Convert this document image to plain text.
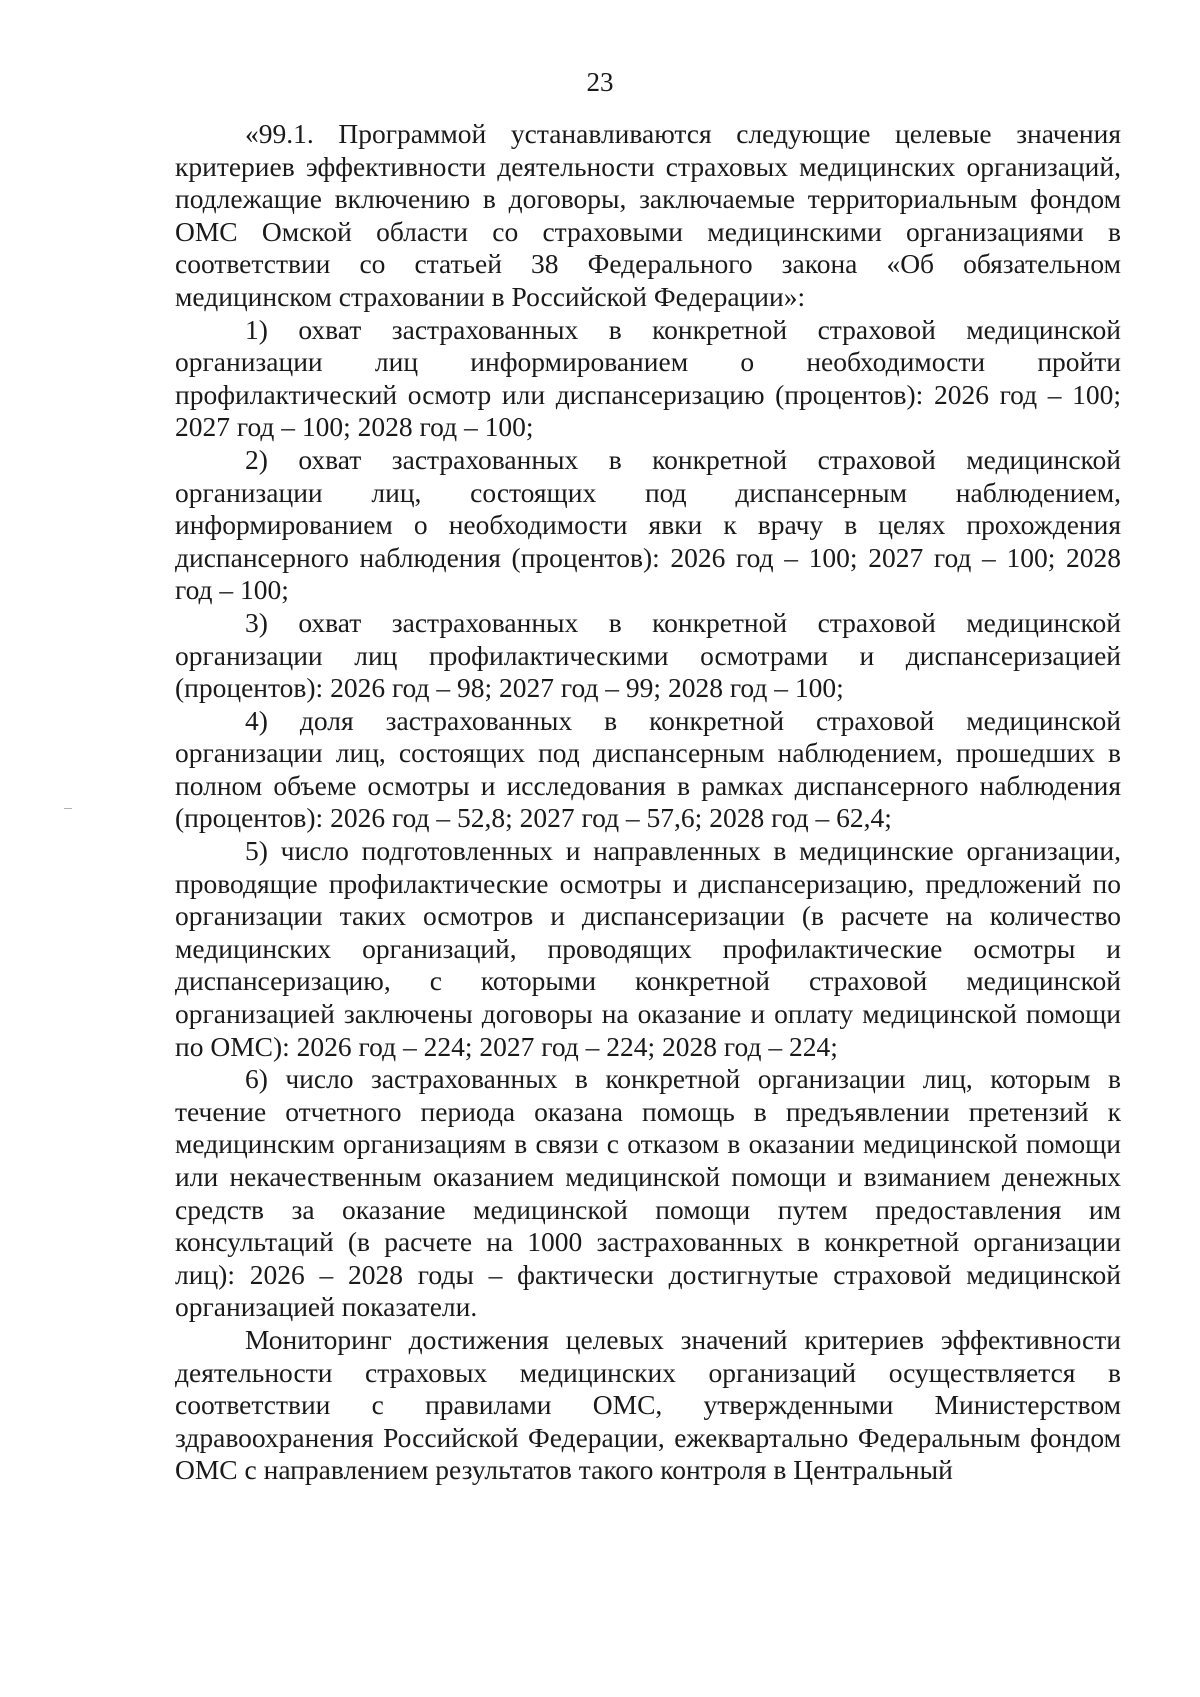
23

«99.1. Программой устанавливаются следующие целевые значения критериев эффективности деятельности страховых медицинских организаций, подлежащие включению в договоры, заключаемые территориальным фондом ОМС Омской области со страховыми медицинскими организациями в соответствии со статьей 38 Федерального закона «Об обязательном медицинском страховании в Российской Федерации»:

1) охват застрахованных в конкретной страховой медицинской организации лиц информированием о необходимости пройти профилактический осмотр или диспансеризацию (процентов): 2026 год – 100; 2027 год – 100; 2028 год – 100;

2) охват застрахованных в конкретной страховой медицинской организации лиц, состоящих под диспансерным наблюдением, информированием о необходимости явки к врачу в целях прохождения диспансерного наблюдения (процентов): 2026 год – 100; 2027 год – 100; 2028 год – 100;

3) охват застрахованных в конкретной страховой медицинской организации лиц профилактическими осмотрами и диспансеризацией (процентов): 2026 год – 98; 2027 год – 99; 2028 год – 100;

4) доля застрахованных в конкретной страховой медицинской организации лиц, состоящих под диспансерным наблюдением, прошедших в полном объеме осмотры и исследования в рамках диспансерного наблюдения (процентов): 2026 год – 52,8; 2027 год – 57,6; 2028 год – 62,4;

5) число подготовленных и направленных в медицинские организации, проводящие профилактические осмотры и диспансеризацию, предложений по организации таких осмотров и диспансеризации (в расчете на количество медицинских организаций, проводящих профилактические осмотры и диспансеризацию, с которыми конкретной страховой медицинской организацией заключены договоры на оказание и оплату медицинской помощи по ОМС): 2026 год – 224; 2027 год – 224; 2028 год – 224;

6) число застрахованных в конкретной организации лиц, которым в течение отчетного периода оказана помощь в предъявлении претензий к медицинским организациям в связи с отказом в оказании медицинской помощи или некачественным оказанием медицинской помощи и взиманием денежных средств за оказание медицинской помощи путем предоставления им консультаций (в расчете на 1000 застрахованных в конкретной организации лиц): 2026 – 2028 годы – фактически достигнутые страховой медицинской организацией показатели.

Мониторинг достижения целевых значений критериев эффективности деятельности страховых медицинских организаций осуществляется в соответствии с правилами ОМС, утвержденными Министерством здравоохранения Российской Федерации, ежеквартально Федеральным фондом ОМС с направлением результатов такого контроля в Центральный
